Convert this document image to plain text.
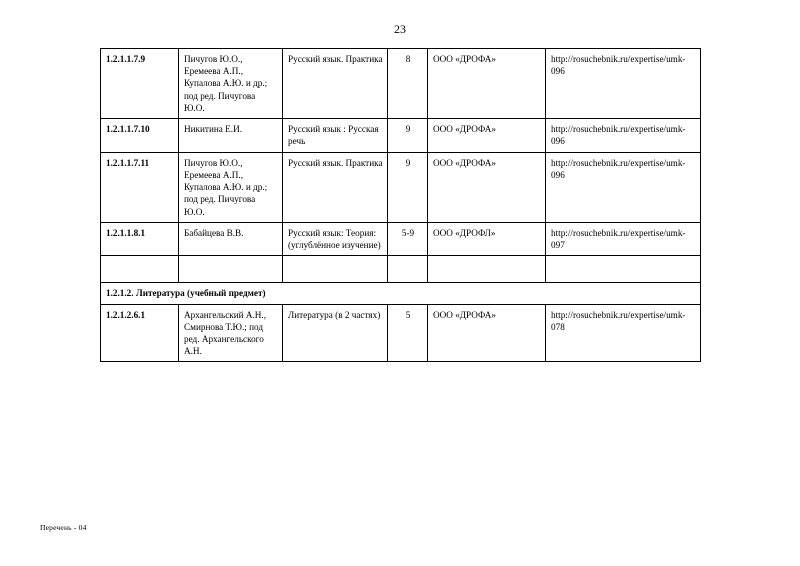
23
1.2.1.1.7.9	Пичугов Ю.О., Еремеева А.П., Купалова А.Ю. и др.; под ред. Пичугова Ю.О.	Русский язык. Практика	8	ООО «ДРОФА»	http://rosuchebnik.ru/expertise/umk-096
1.2.1.1.7.10	Никитина Е.И.	Русский язык : Русская речь	9	ООО «ДРОФА»	http://rosuchebnik.ru/expertise/umk-096
1.2.1.1.7.11	Пичугов Ю.О., Еремеева А.П., Купалова А.Ю. и др.; под ред. Пичугова Ю.О.	Русский язык. Практика	9	ООО «ДРОФА»	http://rosuchebnik.ru/expertise/umk-096
1.2.1.1.8.1	Бабайцева В.В.	Русский язык: Теория: (углублённое изучение)	5-9	ООО «ДРОФЛ»	http://rosuchebnik.ru/expertise/umk-097

1.2.1.2. Литература (учебный предмет)					
1.2.1.2.6.1	Архангельский А.Н., Смирнова Т.Ю.; под ред. Архангельского А.Н.	Литература (в 2 частях)	5	ООО «ДРОФА»	http://rosuchebnik.ru/expertise/umk-078
Перечень - 04
